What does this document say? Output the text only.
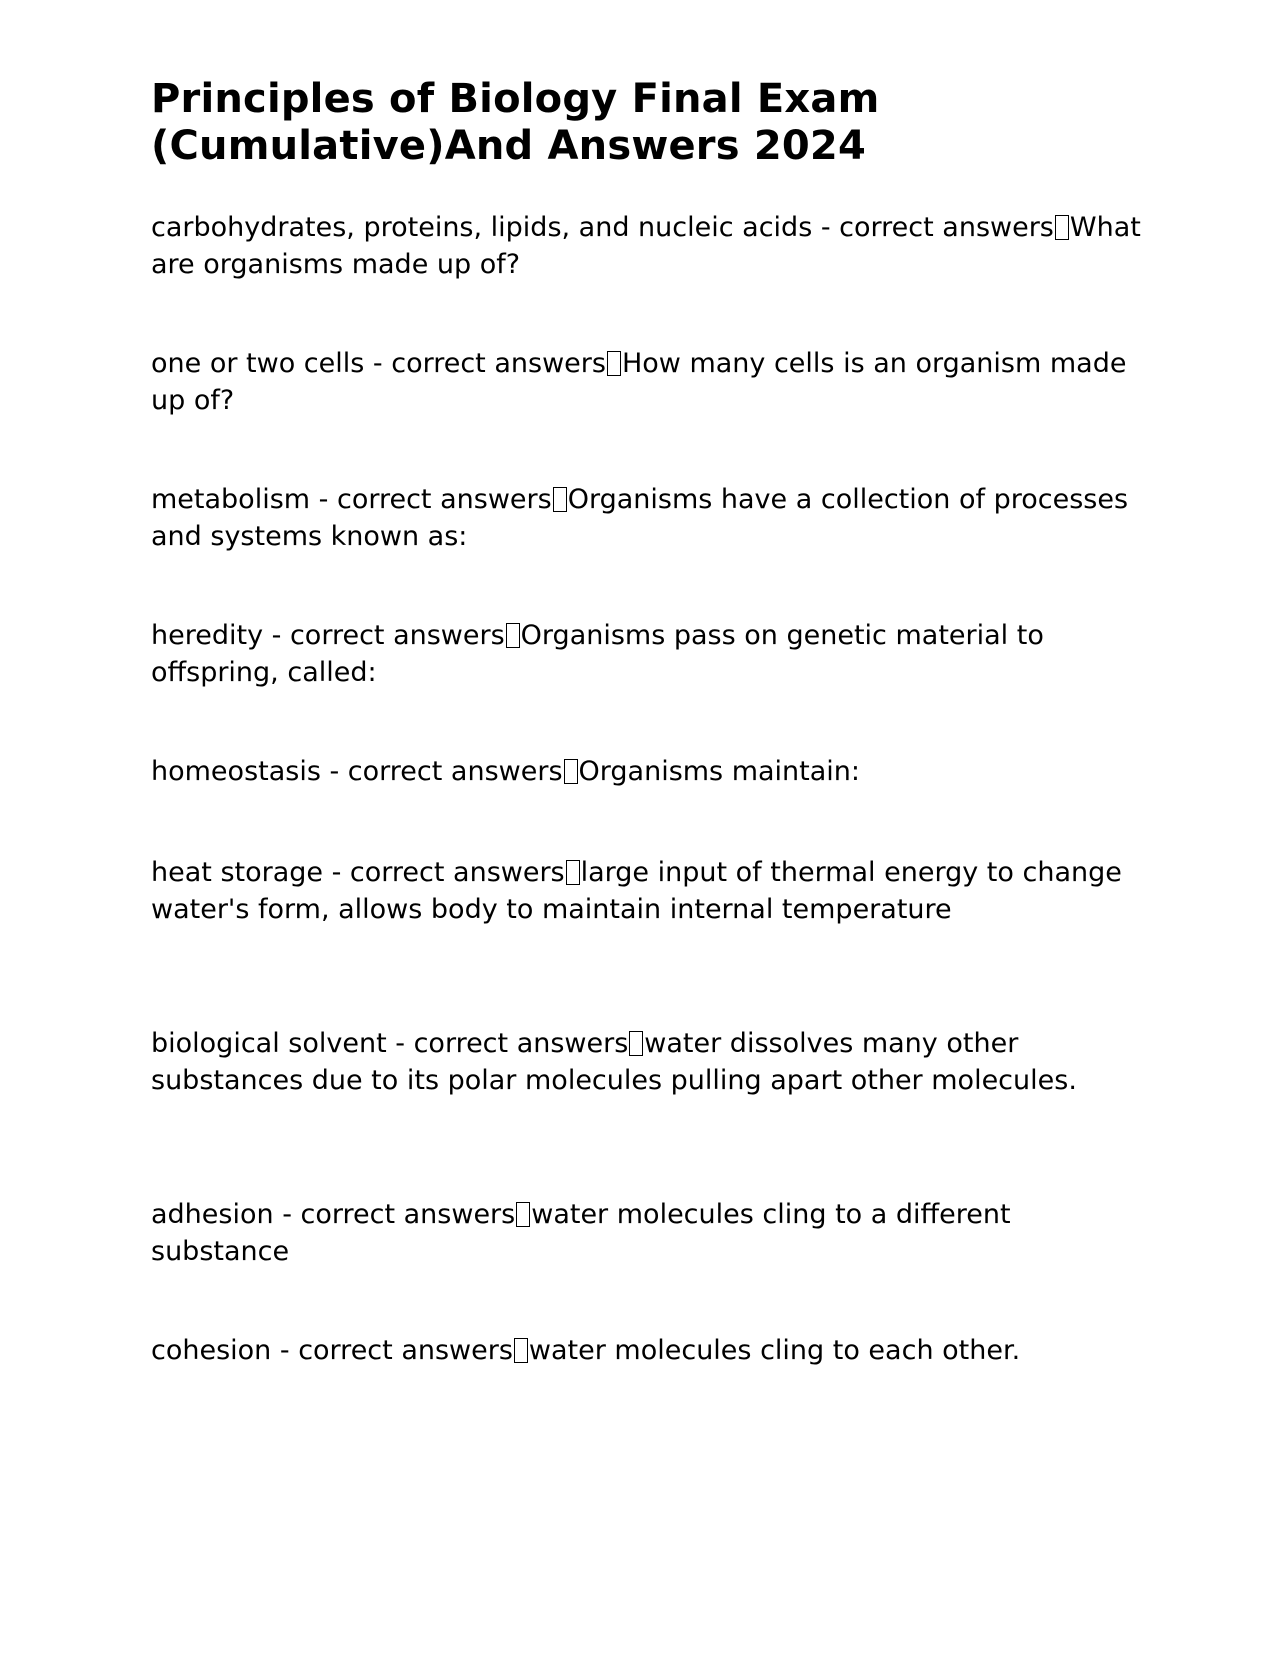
Principles of Biology Final Exam
(Cumulative)And Answers 2024

carbohydrates, proteins, lipids, and nucleic acids - correct answers What are organisms made up of?

one or two cells - correct answers How many cells is an organism made up of?

metabolism - correct answers Organisms have a collection of processes and systems known as:

heredity - correct answers Organisms pass on genetic material to offspring, called:

homeostasis - correct answers Organisms maintain:

heat storage - correct answers large input of thermal energy to change water's form, allows body to maintain internal temperature

biological solvent - correct answers water dissolves many other substances due to its polar molecules pulling apart other molecules.

adhesion - correct answers water molecules cling to a different substance

cohesion - correct answers water molecules cling to each other.
